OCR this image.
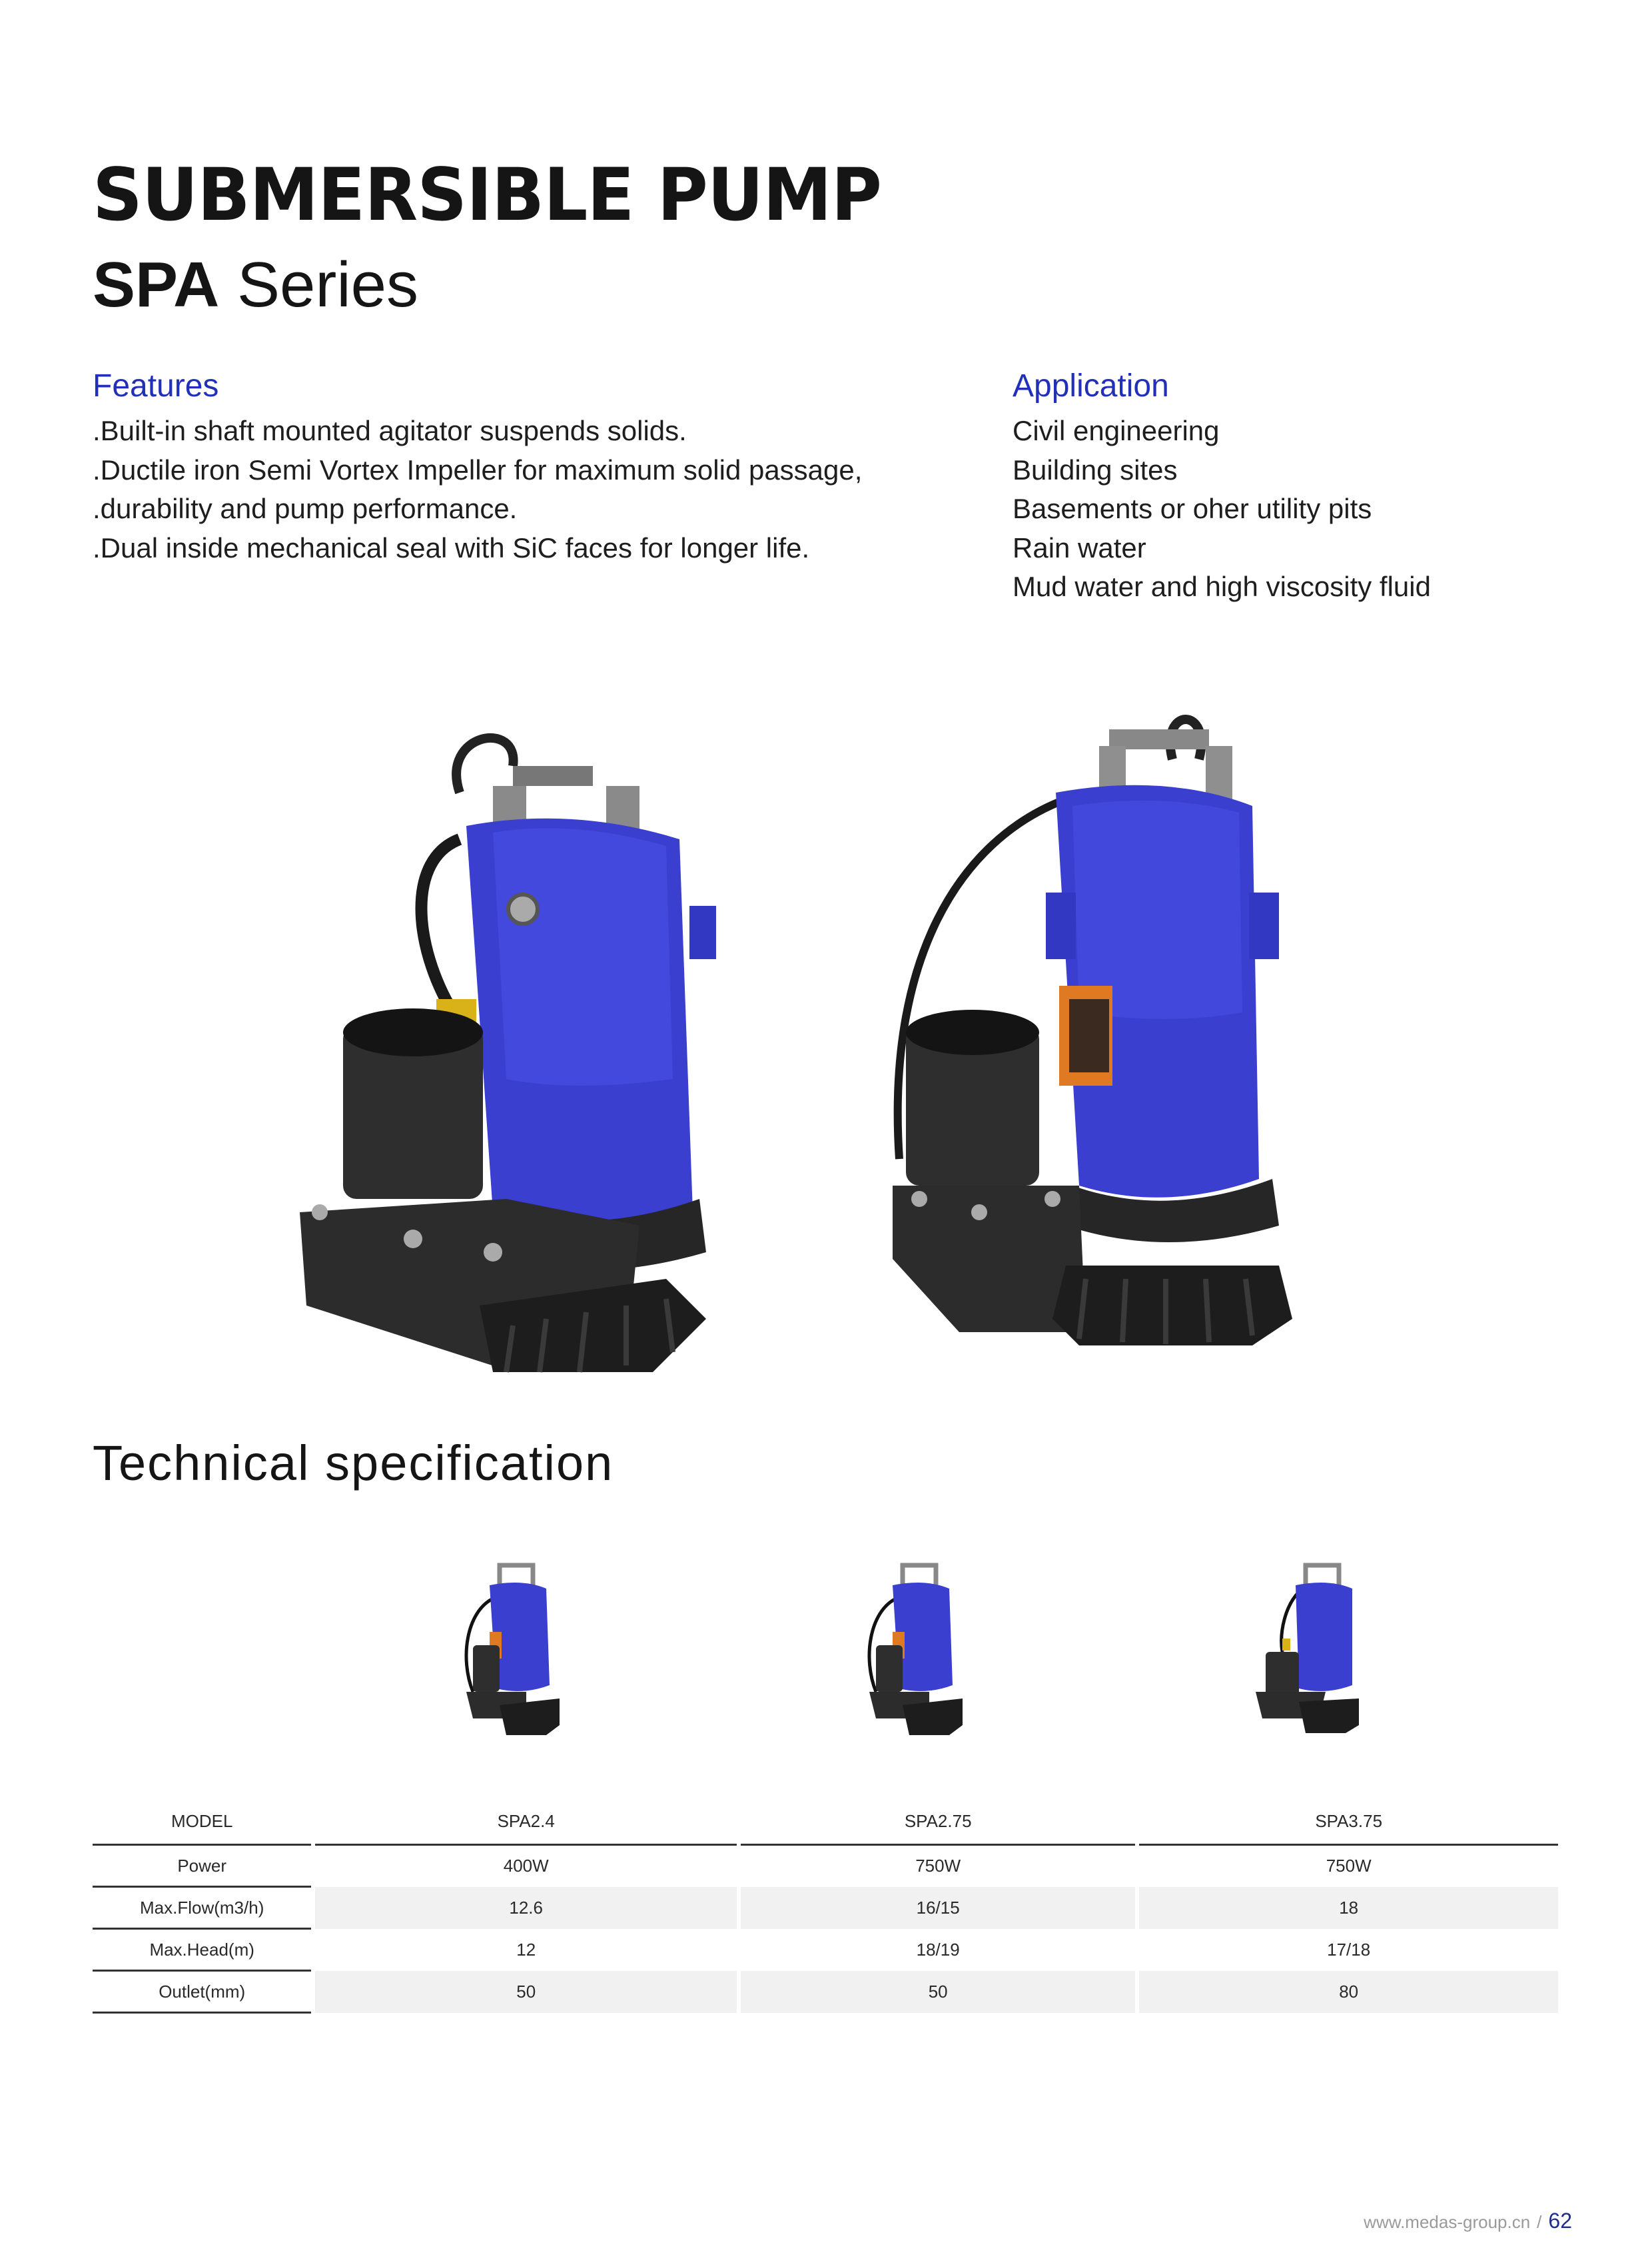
SUBMERSIBLE PUMP
SPA Series
Features
.Built-in shaft mounted agitator suspends solids.
.Ductile iron Semi Vortex Impeller for maximum solid passage,
.durability and pump performance.
.Dual inside mechanical seal with SiC faces for longer life.
Application
Civil engineering
Building sites
Basements or oher utility pits
Rain water
Mud water and high viscosity fluid
Technical specification
MODEL		SPA2.4		SPA2.75		SPA3.75
Power		400W		750W		750W
Max.Flow(m3/h)		12.6		16/15		18
Max.Head(m)		12		18/19		17/18
Outlet(mm)		50		50		80
www.medas-group.cn / 62
